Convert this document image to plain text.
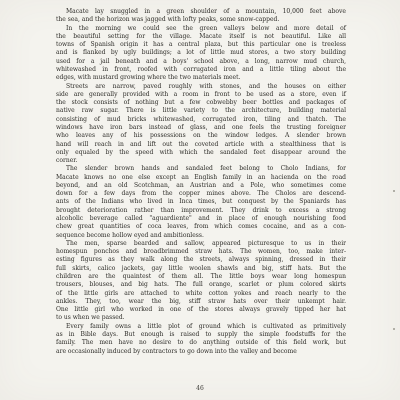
Macate lay snuggled in a green shoulder of a mountain, 10,000 feet above
the sea, and the horizon was jagged with lofty peaks, some snow-capped.
In the morning we could see the green valleys below and more detail of
the beautiful setting for the village. Macate itself is not beautiful. Like all
towns of Spanish origin it has a central plaza, but this particular one is treeless
and is flanked by ugly buildings; a lot of little mud stores, a two story building
used for a jail beneath and a boys' school above, a long, narrow mud church,
whitewashed in front, roofed with corrugated iron and a little tiling about the
edges, with mustard growing where the two materials meet.
Streets are narrow, paved roughly with stones, and the houses on either
side are generally provided with a room in front to be used as a store, even if
the stock consists of nothing but a few cobwebby beer bottles and packages of
native raw sugar. There is little variety to the architecture, building material
consisting of mud bricks whitewashed, corrugated iron, tiling and thatch. The
windows have iron bars instead of glass, and one feels the trusting foreigner
who leaves any of his possessions on the window ledges. A slender brown
hand will reach in and lift out the coveted article with a stealthiness that is
only equaled by the speed with which the sandaled feet disappear around the
corner.
The slender brown hands and sandaled feet belong to Cholo Indians, for
Macate knows no one else except an English family in an hacienda on the road
beyond, and an old Scotchman, an Austrian and a Pole, who sometimes come
down for a few days from the copper mines above. The Cholos are descend-
ants of the Indians who lived in Inca times, but conquest by the Spaniards has
brought deterioration rather than improvement. They drink to excess a strong
alcoholic beverage called "aguardiente" and in place of enough nourishing food
chew great quantities of coca leaves, from which comes cocaine, and as a con-
sequence become hollow eyed and ambitionless.
The men, sparse bearded and sallow, appeared picturesque to us in their
homespun ponchos and broadbrimmed straw hats. The women, too, make inter-
esting figures as they walk along the streets, always spinning, dressed in their
full skirts, calico jackets, gay little woolen shawls and big, stiff hats. But the
children are the quaintest of them all. The little boys wear long homespun
trousers, blouses, and big hats. The full orange, scarlet or plum colored skirts
of the little girls are attached to white cotton yokes and reach nearly to the
ankles. They, too, wear the big, stiff straw hats over their unkempt hair.
One little girl who worked in one of the stores always gravely tipped her hat
to us when we passed.
Every family owns a little plot of ground which is cultivated as primitively
as in Bible days. But enough is raised to supply the simple foodstuffs for the
family. The men have no desire to do anything outside of this field work, but
are occasionally induced by contractors to go down into the valley and become
46
